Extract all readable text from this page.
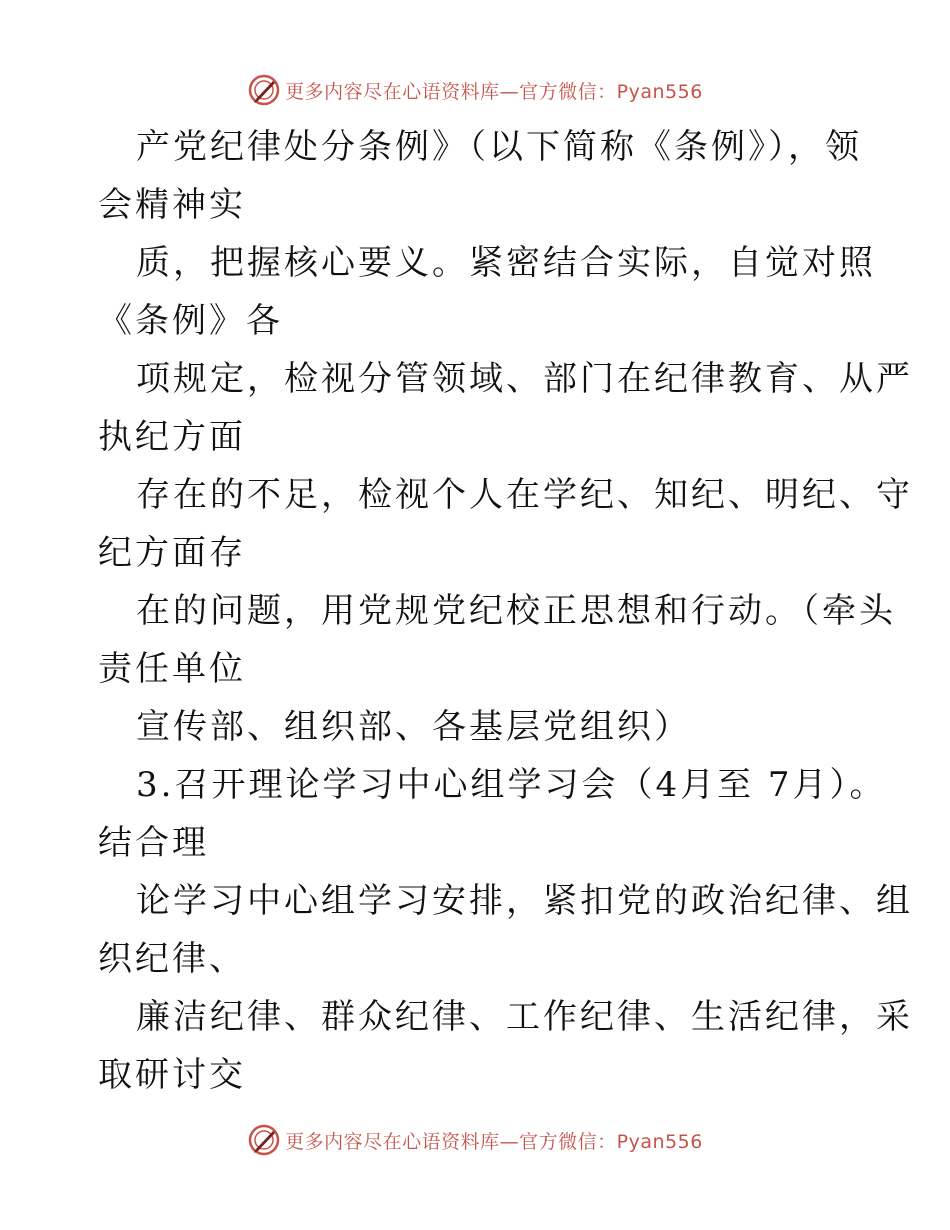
更多内容尽在心语资料库—官方微信：Pyan556
产党纪律处分条例》（以下简称《条例》），领
会精神实
质，把握核心要义。紧密结合实际，自觉对照
《条例》各
项规定，检视分管领域、部门在纪律教育、从严
执纪方面
存在的不足，检视个人在学纪、知纪、明纪、守
纪方面存
在的问题，用党规党纪校正思想和行动。（牵头
责任单位
宣传部、组织部、各基层党组织）
3.召开理论学习中心组学习会（4月至 7月）。
结合理
论学习中心组学习安排，紧扣党的政治纪律、组
织纪律、
廉洁纪律、群众纪律、工作纪律、生活纪律，采
取研讨交
更多内容尽在心语资料库—官方微信：Pyan556
